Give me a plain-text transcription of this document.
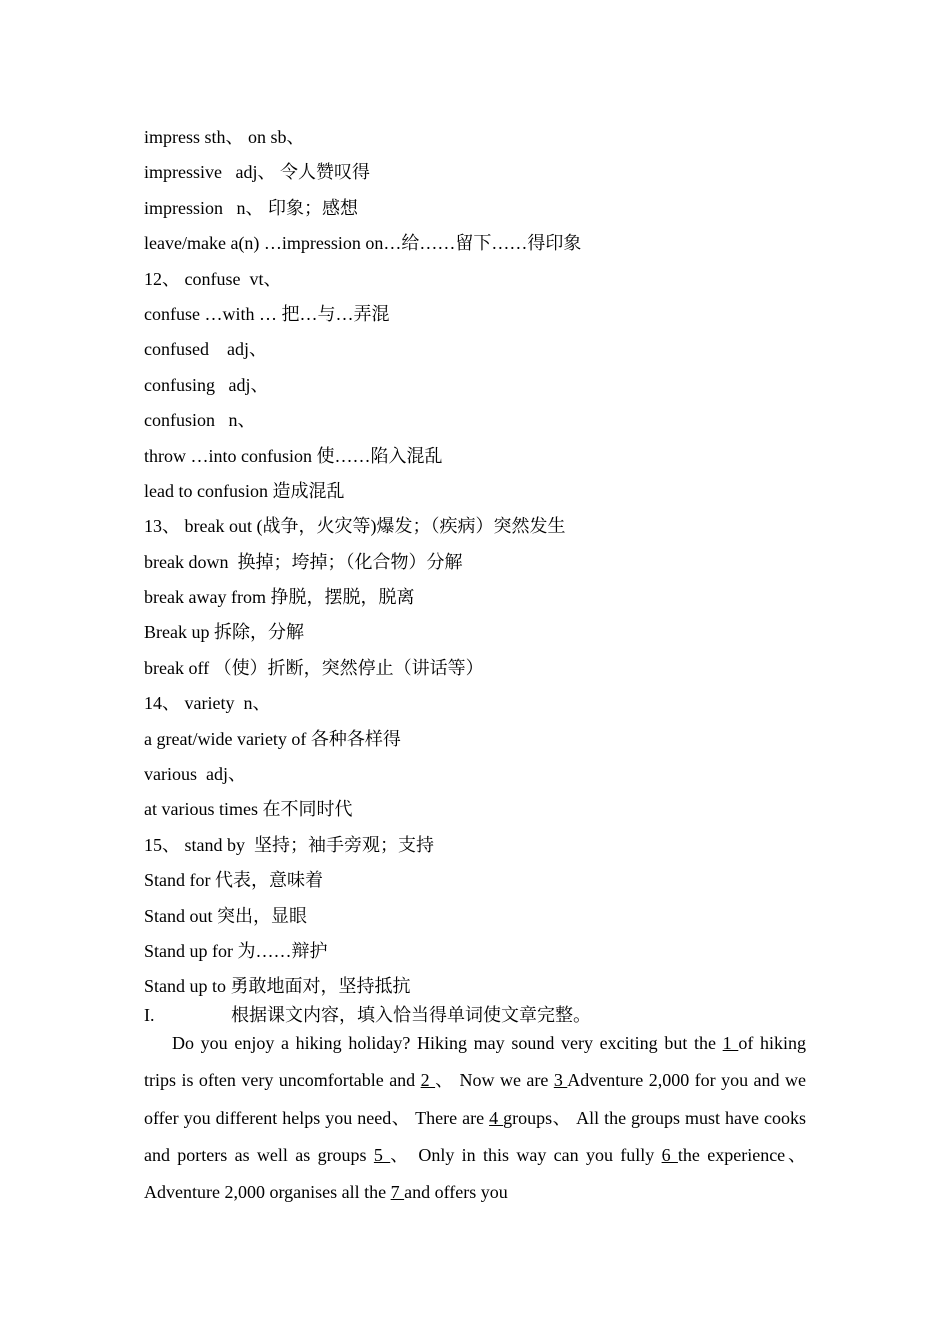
impress sth、 on sb、
impressive   adj、 令人赞叹得
impression   n、 印象；感想
leave/make a(n) …impression on…给……留下……得印象
12、 confuse  vt、
confuse …with … 把…与…弄混
confused    adj、
confusing   adj、
confusion   n、
throw …into confusion 使……陷入混乱
lead to confusion 造成混乱
13、 break out (战争，火灾等)爆发；（疾病）突然发生
break down  换掉；垮掉；（化合物）分解
break away from 挣脱，摆脱，脱离
Break up 拆除，分解
break off （使）折断，突然停止（讲话等）
14、 variety  n、
a great/wide variety of 各种各样得
various  adj、
at various times 在不同时代
15、 stand by  坚持；袖手旁观；支持
Stand for 代表，意味着
Stand out 突出，显眼
Stand up for 为……辩护
Stand up to 勇敢地面对，坚持抵抗
I.	根据课文内容，填入恰当得单词使文章完整。
Do you enjoy a hiking holiday? Hiking may sound very exciting but the 1 of hiking trips is often very uncomfortable and 2 、 Now we are 3 Adventure 2,000 for you and we offer you different helps you need、 There are 4 groups、 All the groups must have cooks and porters as well as groups 5 、 Only in this way can you fully 6 the experience、 Adventure 2,000 organises all the 7 and offers you
